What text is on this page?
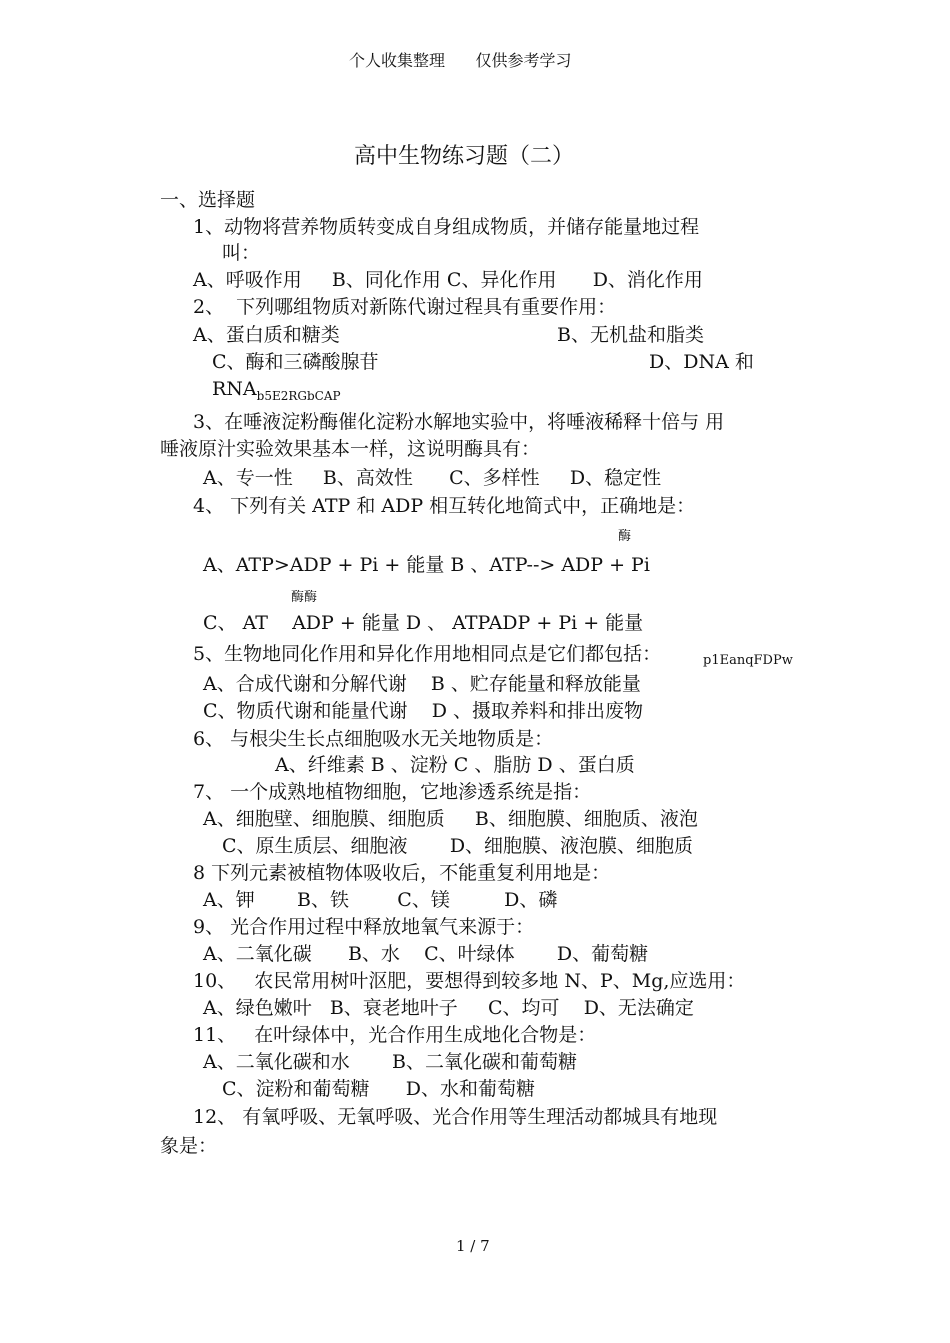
个人收集整理      仅供参考学习
高中生物练习题（二）
一、选择题
1、动物将营养物质转变成自身组成物质，并储存能量地过程
叫：
A、呼吸作用     B、同化作用 C、异化作用      D、消化作用
2、  下列哪组物质对新陈代谢过程具有重要作用：
A、蛋白质和糖类	B、无机盐和脂类
C、酶和三磷酸腺苷	D、DNA 和
$RNA_{b5E2RGbCAP}$
3、在唾液淀粉酶催化淀粉水解地实验中，将唾液稀释十倍与 用
唾液原汁实验效果基本一样，这说明酶具有：
A、专一性     B、高效性      C、多样性     D、稳定性
4、 下列有关 ATP 和 ADP 相互转化地简式中，正确地是：
酶
A、ATP>ADP + Pi + 能量 B 、ATP--> ADP + Pi
酶酶
C、 AT    ADP + 能量 D 、 ATPADP + Pi + 能量
5、生物地同化作用和异化作用地相同点是它们都包括：	p1EanqFDPw
A、合成代谢和分解代谢    B 、贮存能量和释放能量
C、物质代谢和能量代谢    D 、摄取养料和排出废物
6、 与根尖生长点细胞吸水无关地物质是：
A、纤维素 B 、淀粉 C 、脂肪 D 、蛋白质
7、 一个成熟地植物细胞，它地渗透系统是指：
A、细胞壁、细胞膜、细胞质     B、细胞膜、细胞质、液泡
C、原生质层、细胞液       D、细胞膜、液泡膜、细胞质
8 下列元素被植物体吸收后，不能重复利用地是：
A、钾       B、铁        C、镁         D、磷
9、 光合作用过程中释放地氧气来源于：
A、二氧化碳      B、水    C、叶绿体       D、葡萄糖
10、   农民常用树叶沤肥，要想得到较多地 N、P、Mg,应选用：
A、绿色嫩叶   B、衰老地叶子     C、均可    D、无法确定
11、   在叶绿体中，光合作用生成地化合物是：
A、二氧化碳和水       B、二氧化碳和葡萄糖
C、淀粉和葡萄糖      D、水和葡萄糖
12、 有氧呼吸、无氧呼吸、光合作用等生理活动都城具有地现
象是：
1 / 7
